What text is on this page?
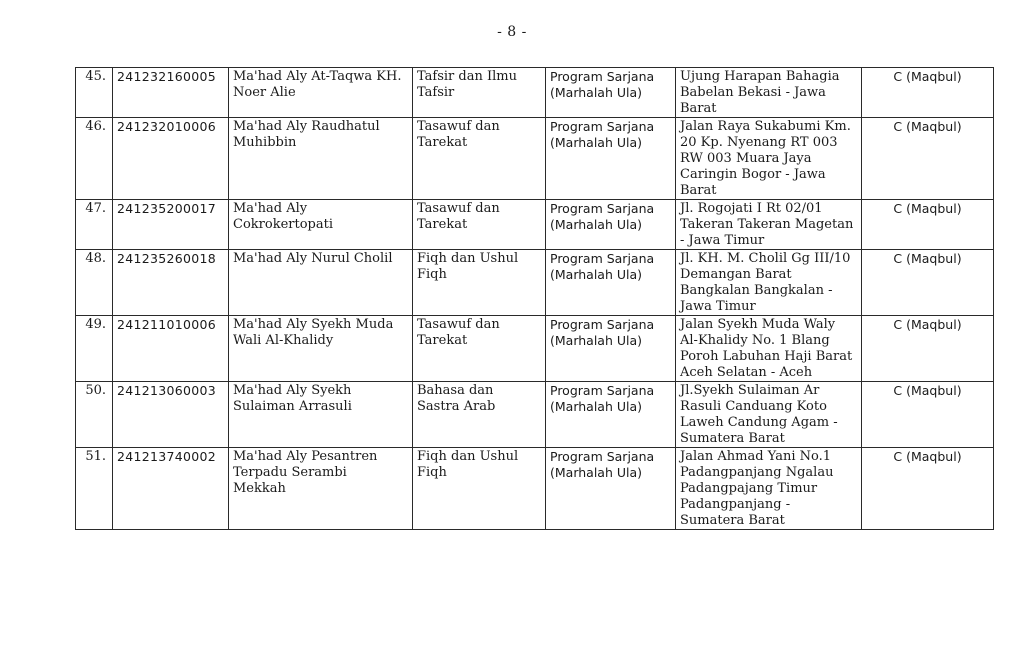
- 8 -
45.	241232160005	Ma'had Aly At-Taqwa KH.
Noer Alie	Tafsir dan Ilmu
Tafsir	Program Sarjana
(Marhalah Ula)	Ujung Harapan Bahagia
Babelan Bekasi - Jawa
Barat	C (Maqbul)
46.	241232010006	Ma'had Aly Raudhatul
Muhibbin	Tasawuf dan
Tarekat	Program Sarjana
(Marhalah Ula)	Jalan Raya Sukabumi Km.
20 Kp. Nyenang RT 003
RW 003 Muara Jaya
Caringin Bogor - Jawa
Barat	C (Maqbul)
47.	241235200017	Ma'had Aly
Cokrokertopati	Tasawuf dan
Tarekat	Program Sarjana
(Marhalah Ula)	Jl. Rogojati I Rt 02/01
Takeran Takeran Magetan
- Jawa Timur	C (Maqbul)
48.	241235260018	Ma'had Aly Nurul Cholil	Fiqh dan Ushul
Fiqh	Program Sarjana
(Marhalah Ula)	Jl. KH. M. Cholil Gg III/10
Demangan Barat
Bangkalan Bangkalan -
Jawa Timur	C (Maqbul)
49.	241211010006	Ma'had Aly Syekh Muda
Wali Al-Khalidy	Tasawuf dan
Tarekat	Program Sarjana
(Marhalah Ula)	Jalan Syekh Muda Waly
Al-Khalidy No. 1 Blang
Poroh Labuhan Haji Barat
Aceh Selatan - Aceh	C (Maqbul)
50.	241213060003	Ma'had Aly Syekh
Sulaiman Arrasuli	Bahasa dan
Sastra Arab	Program Sarjana
(Marhalah Ula)	Jl.Syekh Sulaiman Ar
Rasuli Canduang Koto
Laweh Candung Agam -
Sumatera Barat	C (Maqbul)
51.	241213740002	Ma'had Aly Pesantren
Terpadu Serambi
Mekkah	Fiqh dan Ushul
Fiqh	Program Sarjana
(Marhalah Ula)	Jalan Ahmad Yani No.1
Padangpanjang Ngalau
Padangpajang Timur
Padangpanjang -
Sumatera Barat	C (Maqbul)
